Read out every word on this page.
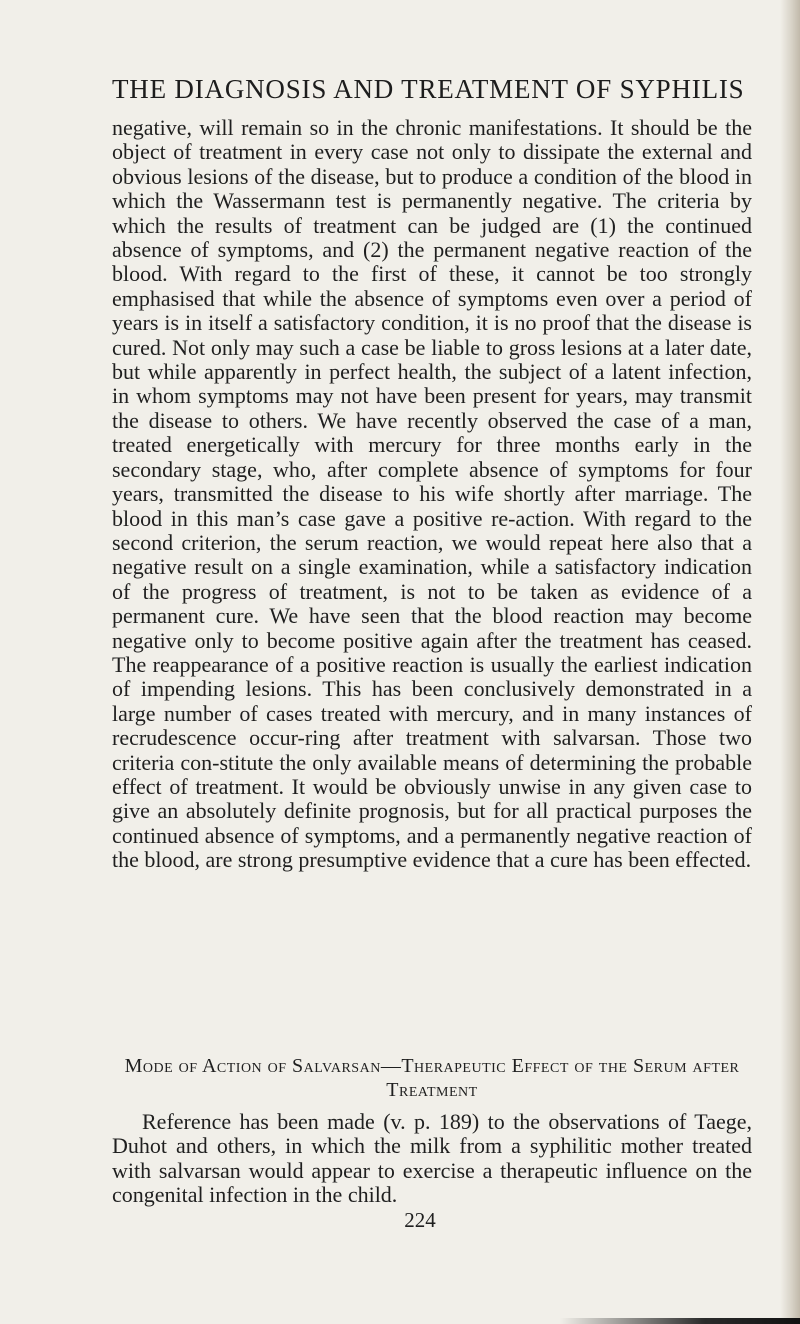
THE DIAGNOSIS AND TREATMENT OF SYPHILIS

negative, will remain so in the chronic manifestations. It should be the object of treatment in every case not only to dissipate the external and obvious lesions of the disease, but to produce a condition of the blood in which the Wassermann test is permanently negative. The criteria by which the results of treatment can be judged are (1) the continued absence of symptoms, and (2) the permanent negative reaction of the blood. With regard to the first of these, it cannot be too strongly emphasised that while the absence of symptoms even over a period of years is in itself a satisfactory condition, it is no proof that the disease is cured. Not only may such a case be liable to gross lesions at a later date, but while apparently in perfect health, the subject of a latent infection, in whom symptoms may not have been present for years, may transmit the disease to others. We have recently observed the case of a man, treated energetically with mercury for three months early in the secondary stage, who, after complete absence of symptoms for four years, transmitted the disease to his wife shortly after marriage. The blood in this man’s case gave a positive re-action. With regard to the second criterion, the serum reaction, we would repeat here also that a negative result on a single examination, while a satisfactory indication of the progress of treatment, is not to be taken as evidence of a permanent cure. We have seen that the blood reaction may become negative only to become positive again after the treatment has ceased. The reappearance of a positive reaction is usually the earliest indication of impending lesions. This has been conclusively demonstrated in a large number of cases treated with mercury, and in many instances of recrudescence occur-ring after treatment with salvarsan. Those two criteria con-stitute the only available means of determining the probable effect of treatment. It would be obviously unwise in any given case to give an absolutely definite prognosis, but for all practical purposes the continued absence of symptoms, and a permanently negative reaction of the blood, are strong presumptive evidence that a cure has been effected.

Mode of Action of Salvarsan—Therapeutic Effect of the Serum after Treatment
Reference has been made (v. p. 189) to the observations of Taege, Duhot and others, in which the milk from a syphilitic mother treated with salvarsan would appear to exercise a therapeutic influence on the congenital infection in the child.
224
